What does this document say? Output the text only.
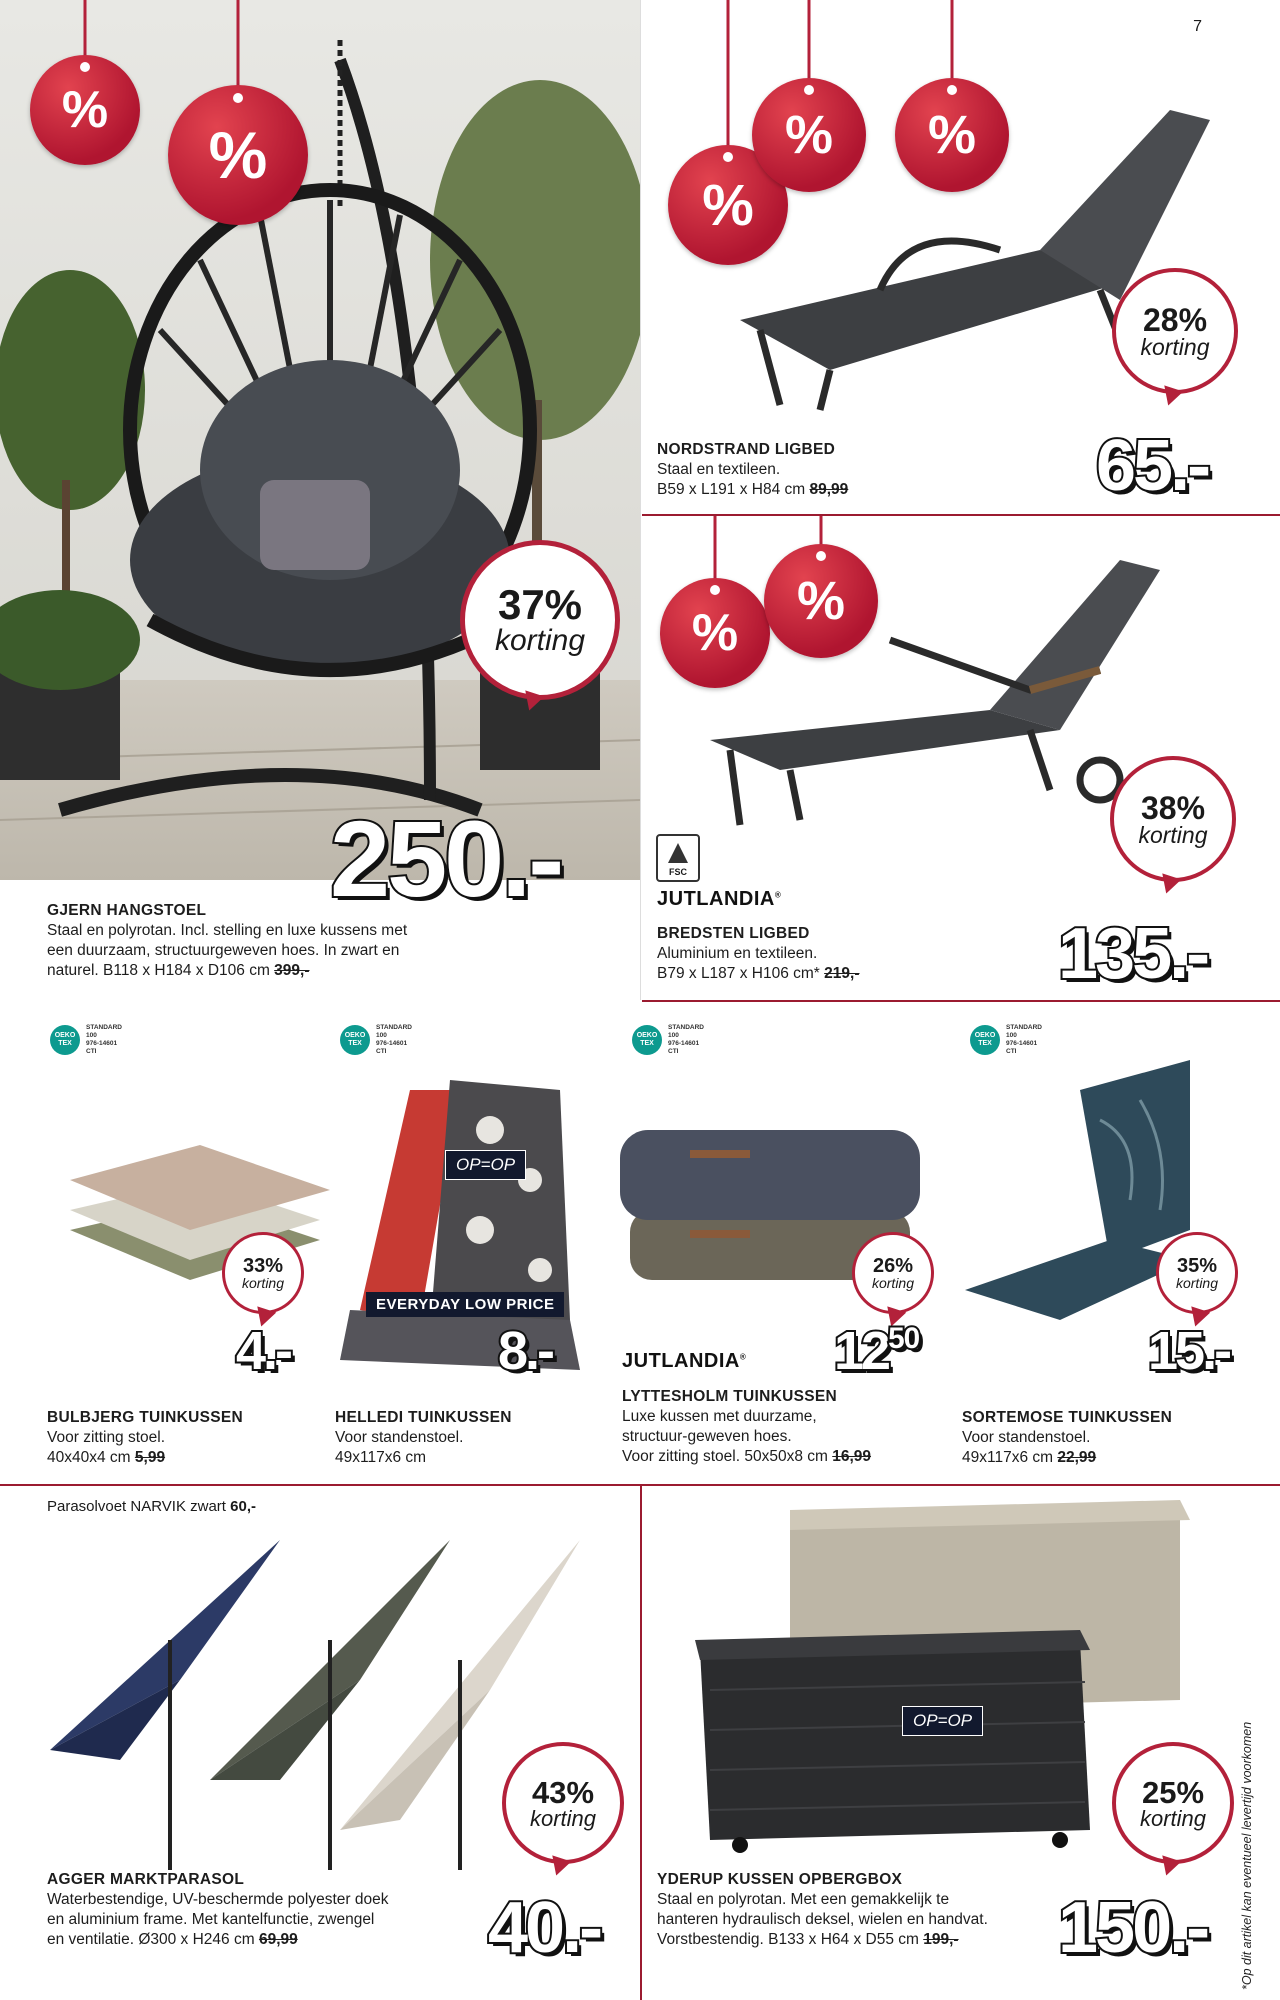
7
%
%
37%
korting
250.-
GJERN HANGSTOEL
Staal en polyrotan. Incl. stelling en luxe kussens met
een duurzaam, structuurgeweven hoes. In zwart en
naturel. B118 x H184 x D106 cm 399,-
%
% %
28%
korting
65.-
NORDSTRAND LIGBED
Staal en textileen.
B59 x L191 x H84 cm 89,99
%
%
38%
korting
135.-
FSC
JUTLANDIA®
BREDSTEN LIGBED
Aluminium en textileen.
B79 x L187 x H106 cm* 219,-
OEKO TEX
STANDARD
100
976-14601
CTI
OEKO TEX
STANDARD
100
976-14601
CTI
OEKO TEX
STANDARD
100
976-14601
CTI
OEKO TEX
STANDARD
100
976-14601
CTI
33%
korting
4.-
BULBJERG TUINKUSSEN
Voor zitting stoel.
40x40x4 cm 5,99
OP=OP
EVERYDAY LOW PRICE
8.-
HELLEDI TUINKUSSEN
Voor standenstoel.
49x117x6 cm
26%
korting
$12^{50}$
JUTLANDIA®
LYTTESHOLM TUINKUSSEN
Luxe kussen met duurzame,
structuur-geweven hoes.
Voor zitting stoel. 50x50x8 cm 16,99
35%
korting
15.-
SORTEMOSE TUINKUSSEN
Voor standenstoel.
49x117x6 cm 22,99
Parasolvoet NARVIK zwart 60,-
43%
korting
40.-
AGGER MARKTPARASOL
Waterbestendige, UV-beschermde polyester doek
en aluminium frame. Met kantelfunctie, zwengel
en ventilatie. Ø300 x H246 cm 69,99
OP=OP
25%
korting
150.-
YDERUP KUSSEN OPBERGBOX
Staal en polyrotan. Met een gemakkelijk te
hanteren hydraulisch deksel, wielen en handvat.
Vorstbestendig. B133 x H64 x D55 cm 199,-	*Op dit artikel kan eventueel levertijd voorkomen
